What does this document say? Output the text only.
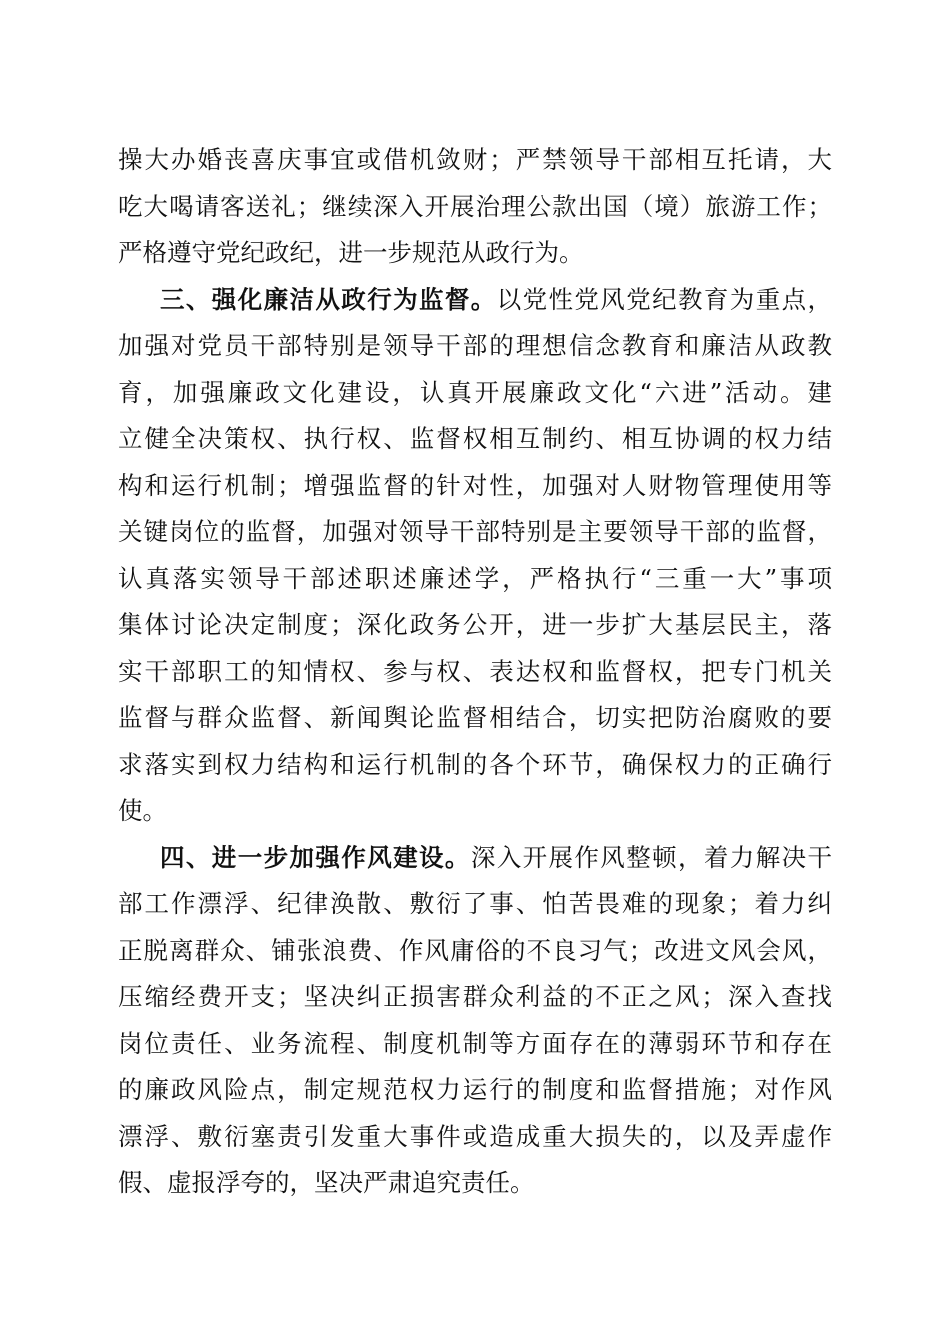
操大办婚丧喜庆事宜或借机敛财；严禁领导干部相互托请，大
吃大喝请客送礼；继续深入开展治理公款出国（境）旅游工作；
严格遵守党纪政纪，进一步规范从政行为。
三、强化廉洁从政行为监督。以党性党风党纪教育为重点，
加强对党员干部特别是领导干部的理想信念教育和廉洁从政教
育，加强廉政文化建设，认真开展廉政文化“六进”活动。建
立健全决策权、执行权、监督权相互制约、相互协调的权力结
构和运行机制；增强监督的针对性，加强对人财物管理使用等
关键岗位的监督，加强对领导干部特别是主要领导干部的监督，
认真落实领导干部述职述廉述学，严格执行“三重一大”事项
集体讨论决定制度；深化政务公开，进一步扩大基层民主，落
实干部职工的知情权、参与权、表达权和监督权，把专门机关
监督与群众监督、新闻舆论监督相结合，切实把防治腐败的要
求落实到权力结构和运行机制的各个环节，确保权力的正确行
使。
四、进一步加强作风建设。深入开展作风整顿，着力解决干
部工作漂浮、纪律涣散、敷衍了事、怕苦畏难的现象；着力纠
正脱离群众、铺张浪费、作风庸俗的不良习气；改进文风会风，
压缩经费开支；坚决纠正损害群众利益的不正之风；深入查找
岗位责任、业务流程、制度机制等方面存在的薄弱环节和存在
的廉政风险点，制定规范权力运行的制度和监督措施；对作风
漂浮、敷衍塞责引发重大事件或造成重大损失的，以及弄虚作
假、虚报浮夸的，坚决严肃追究责任。
